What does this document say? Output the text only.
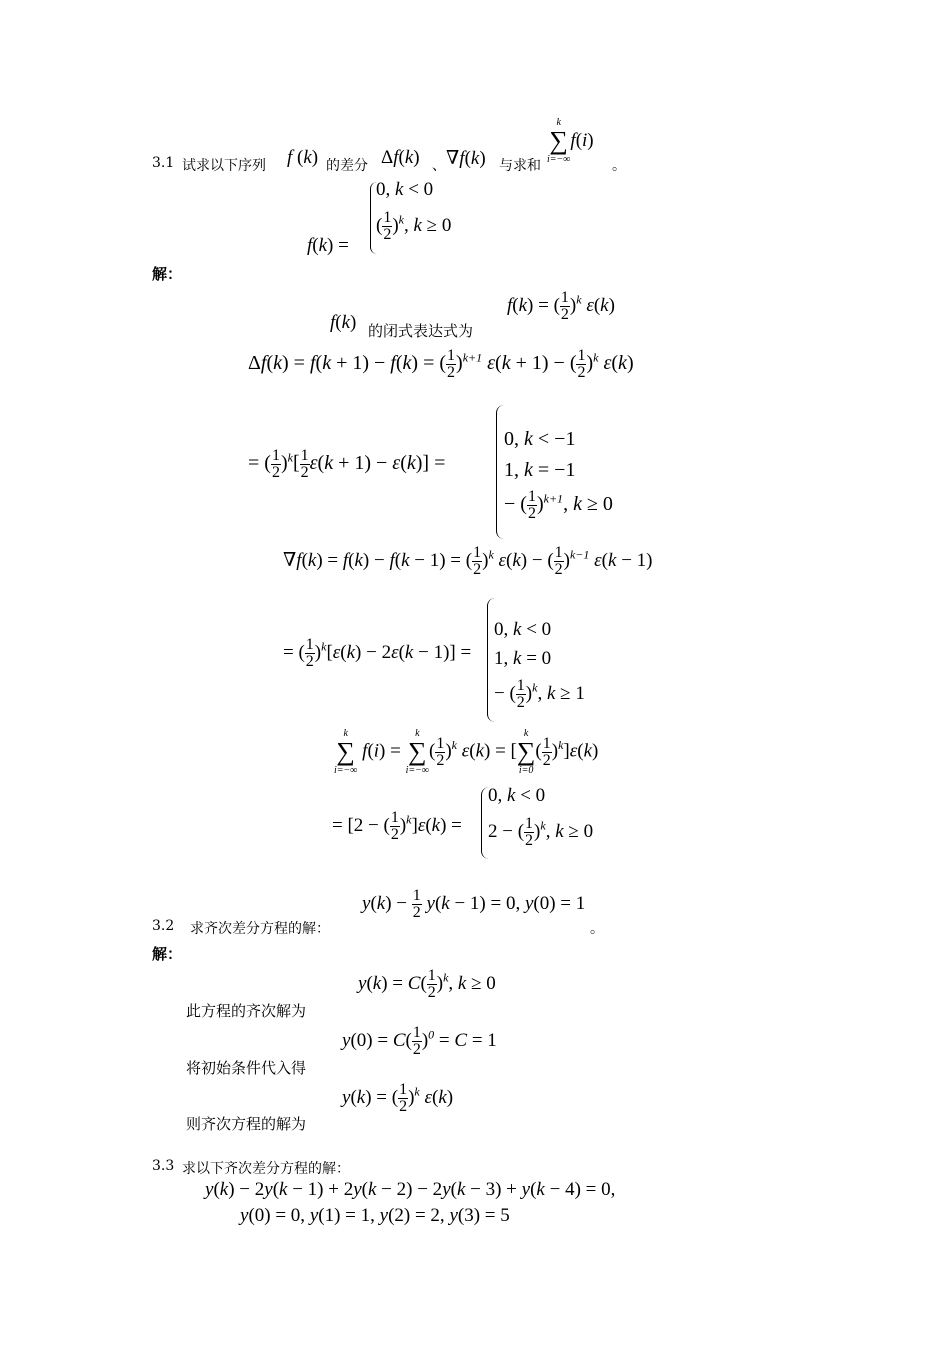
3.1 试求以下序列 f (k) 的差分 Δf(k) 、 ∇f(k) 与求和
k
∑
i=−∞
f(i)
。
f(k) =
0, k < 0
( $\frac{1}{2} )^k$, k ≥ 0
解：
f(k) 的闭式表达式为
f(k) = ( $\frac{1}{2} )^k$ ε(k)
Δf(k) = f(k + 1) − f(k) = ( $\frac{1}{2} )^{k+1}$ ε(k + 1) − ( $\frac{1}{2} )^k$ ε(k)
= ( $\frac{1}{2} )^k[ \frac{1}{2} \varepsilon(k + 1) - \varepsilon(k)]$ =
0, k < −1
1, k = −1
− ( $\frac{1}{2} )^{k+1}$, k ≥ 0
∇f(k) = f(k) − f(k − 1) = ( $\frac{1}{2} )^k$ ε(k) − ( $\frac{1}{2} )^{k-1}$ ε(k − 1)
= ( $\frac{1}{2} )^k[\varepsilon(k) - 2\varepsilon(k - 1)]$ =
0, k < 0
1, k = 0
− ( $\frac{1}{2} )^k$, k ≥ 1
k
∑
i=−∞
f(i) =
k
∑
i=−∞
( $\frac{1}{2} )^k$ ε(k) = [
k
∑
i=0
( $\frac{1}{2} )^k]\varepsilon(k)$
= [2 − ( $\frac{1}{2} )^k]\varepsilon(k)$ =
0, k < 0
2 − ( $\frac{1}{2} )^k$, k ≥ 0
3.2 求齐次差分方程的解：
$y(k) - \frac{1}{2} y(k - 1) = 0$, y(0) = 1
。
解：
此方程的齐次解为
$y(k) = C( \frac{1}{2} )^k$, k ≥ 0
将初始条件代入得
$y(0) = C( \frac{1}{2} )^0 = C = 1$
则齐次方程的解为
y(k) = ( $\frac{1}{2} )^k$ ε(k)
3.3 求以下齐次差分方程的解：
y(k) − 2y(k − 1) + 2y(k − 2) − 2y(k − 3) + y(k − 4) = 0,
y(0) = 0, y(1) = 1, y(2) = 2, y(3) = 5
